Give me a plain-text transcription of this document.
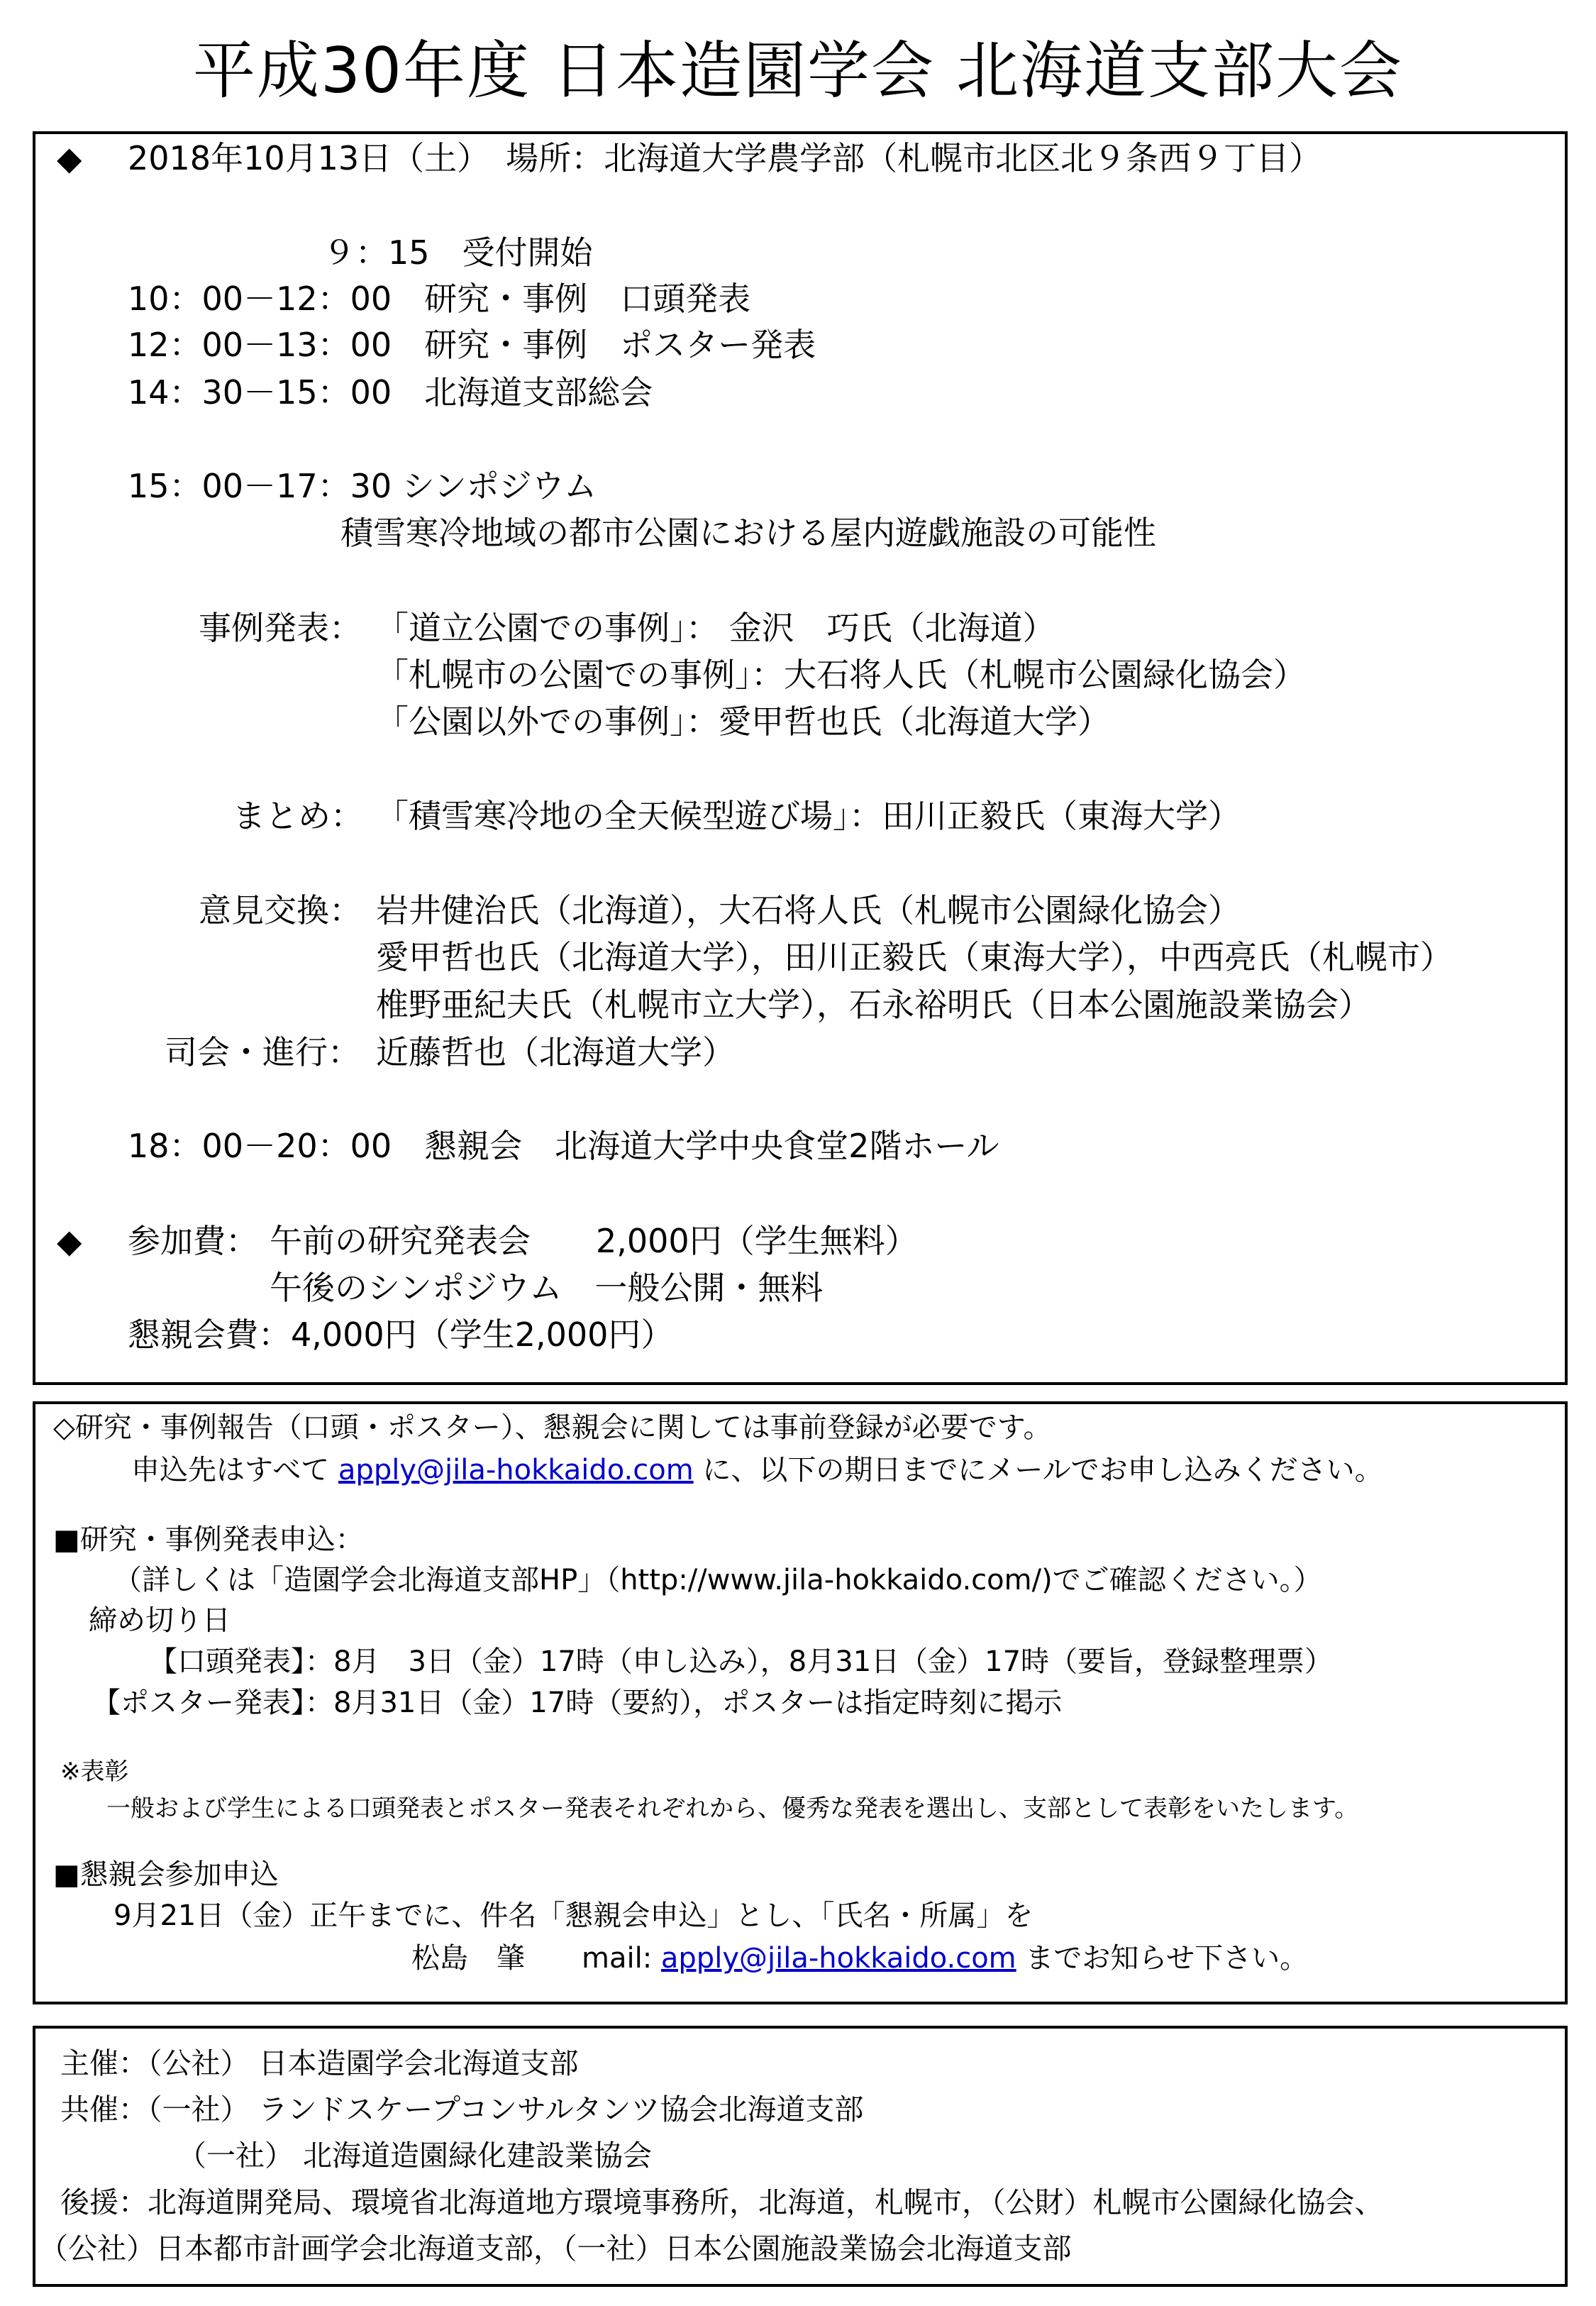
平成30年度 日本造園学会 北海道支部大会
◆ 2018年10月13日（土）　場所：北海道大学農学部（札幌市北区北９条西９丁目）
９：15　受付開始
10：00－12：00　研究・事例　口頭発表
12：00－13：00　研究・事例　ポスター発表
14：30－15：00　北海道支部総会
15：00－17：30 シンポジウム
積雪寒冷地域の都市公園における屋内遊戯施設の可能性
事例発表： 「道立公園での事例」： 金沢　巧氏（北海道）
「札幌市の公園での事例」：大石将人氏（札幌市公園緑化協会）
「公園以外での事例」：愛甲哲也氏（北海道大学）
まとめ： 「積雪寒冷地の全天候型遊び場」：田川正毅氏（東海大学）
意見交換： 岩井健治氏（北海道），大石将人氏（札幌市公園緑化協会）
愛甲哲也氏（北海道大学），田川正毅氏（東海大学），中西亮氏（札幌市）
椎野亜紀夫氏（札幌市立大学），石永裕明氏（日本公園施設業協会）
司会・進行： 近藤哲也（北海道大学）
18：00－20：00　懇親会　北海道大学中央食堂2階ホール
◆ 参加費： 午前の研究発表会　　2,000円（学生無料）
午後のシンポジウム　一般公開・無料
懇親会費：4,000円（学生2,000円）
◇研究・事例報告（口頭・ポスター）、懇親会に関しては事前登録が必要です。
申込先はすべて apply@jila-hokkaido.com に、以下の期日までにメールでお申し込みください。
■研究・事例発表申込：
（詳しくは「造園学会北海道支部HP」（http://www.jila-hokkaido.com/)でご確認ください。）
締め切り日
【口頭発表】：8月　3日（金）17時（申し込み），8月31日（金）17時（要旨，登録整理票）
【ポスター発表】：8月31日（金）17時（要約），ポスターは指定時刻に掲示
※表彰
一般および学生による口頭発表とポスター発表それぞれから、優秀な発表を選出し、支部として表彰をいたします。
■懇親会参加申込
9月21日（金）正午までに、件名「懇親会申込」とし、「氏名・所属」を
松島　肇　　mail: apply@jila-hokkaido.com までお知らせ下さい。
主催：（公社） 日本造園学会北海道支部
共催：（一社） ランドスケープコンサルタンツ協会北海道支部
（一社） 北海道造園緑化建設業協会
後援：北海道開発局、環境省北海道地方環境事務所，北海道，札幌市，（公財）札幌市公園緑化協会、
（公社）日本都市計画学会北海道支部，（一社）日本公園施設業協会北海道支部
